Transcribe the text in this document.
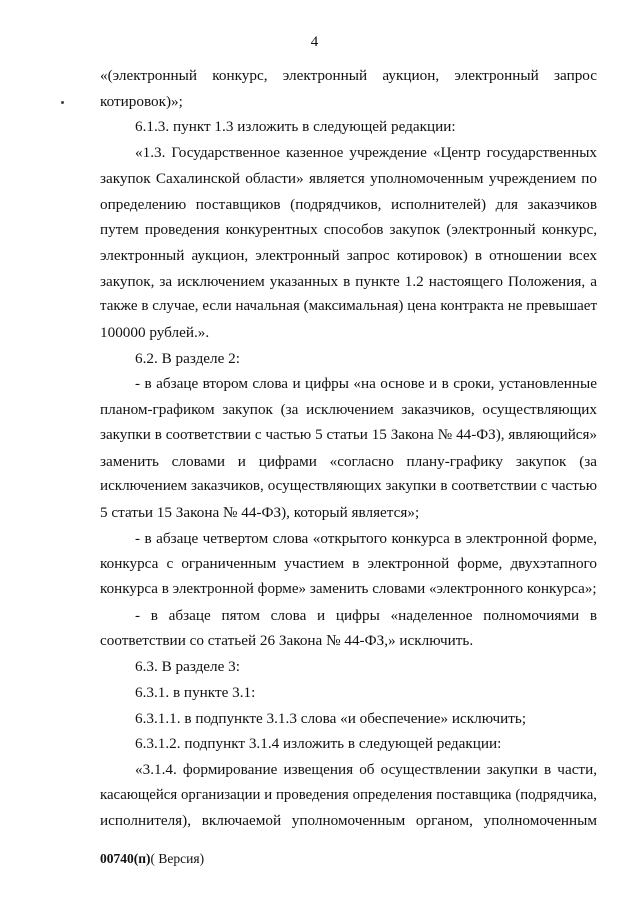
4
«(электронный конкурс, электронный аукцион, электронный запрос
котировок)»;
6.1.3. пункт 1.3 изложить в следующей редакции:
«1.3. Государственное казенное учреждение «Центр государственных
закупок Сахалинской области» является уполномоченным учреждением по
определению поставщиков (подрядчиков, исполнителей) для заказчиков
путем проведения конкурентных способов закупок (электронный конкурс,
электронный аукцион, электронный запрос котировок) в отношении всех
закупок, за исключением указанных в пункте 1.2 настоящего Положения, а
также в случае, если начальная (максимальная) цена контракта не превышает
100000 рублей.».
6.2. В разделе 2:
- в абзаце втором слова и цифры «на основе и в сроки, установленные
планом-графиком закупок (за исключением заказчиков, осуществляющих
закупки в соответствии с частью 5 статьи 15 Закона № 44-ФЗ), являющийся»
заменить словами и цифрами «согласно плану-графику закупок (за
исключением заказчиков, осуществляющих закупки в соответствии с частью
5 статьи 15 Закона № 44-ФЗ), который является»;
- в абзаце четвертом слова «открытого конкурса в электронной форме,
конкурса с ограниченным участием в электронной форме, двухэтапного
конкурса в электронной форме» заменить словами «электронного конкурса»;
- в абзаце пятом слова и цифры «наделенное полномочиями в
соответствии со статьей 26 Закона № 44-ФЗ,» исключить.
6.3. В разделе 3:
6.3.1. в пункте 3.1:
6.3.1.1. в подпункте 3.1.3 слова «и обеспечение» исключить;
6.3.1.2. подпункт 3.1.4 изложить в следующей редакции:
«3.1.4. формирование извещения об осуществлении закупки в части,
касающейся организации и проведения определения поставщика (подрядчика,
исполнителя), включаемой уполномоченным органом, уполномоченным
00740(п)( Версия)
